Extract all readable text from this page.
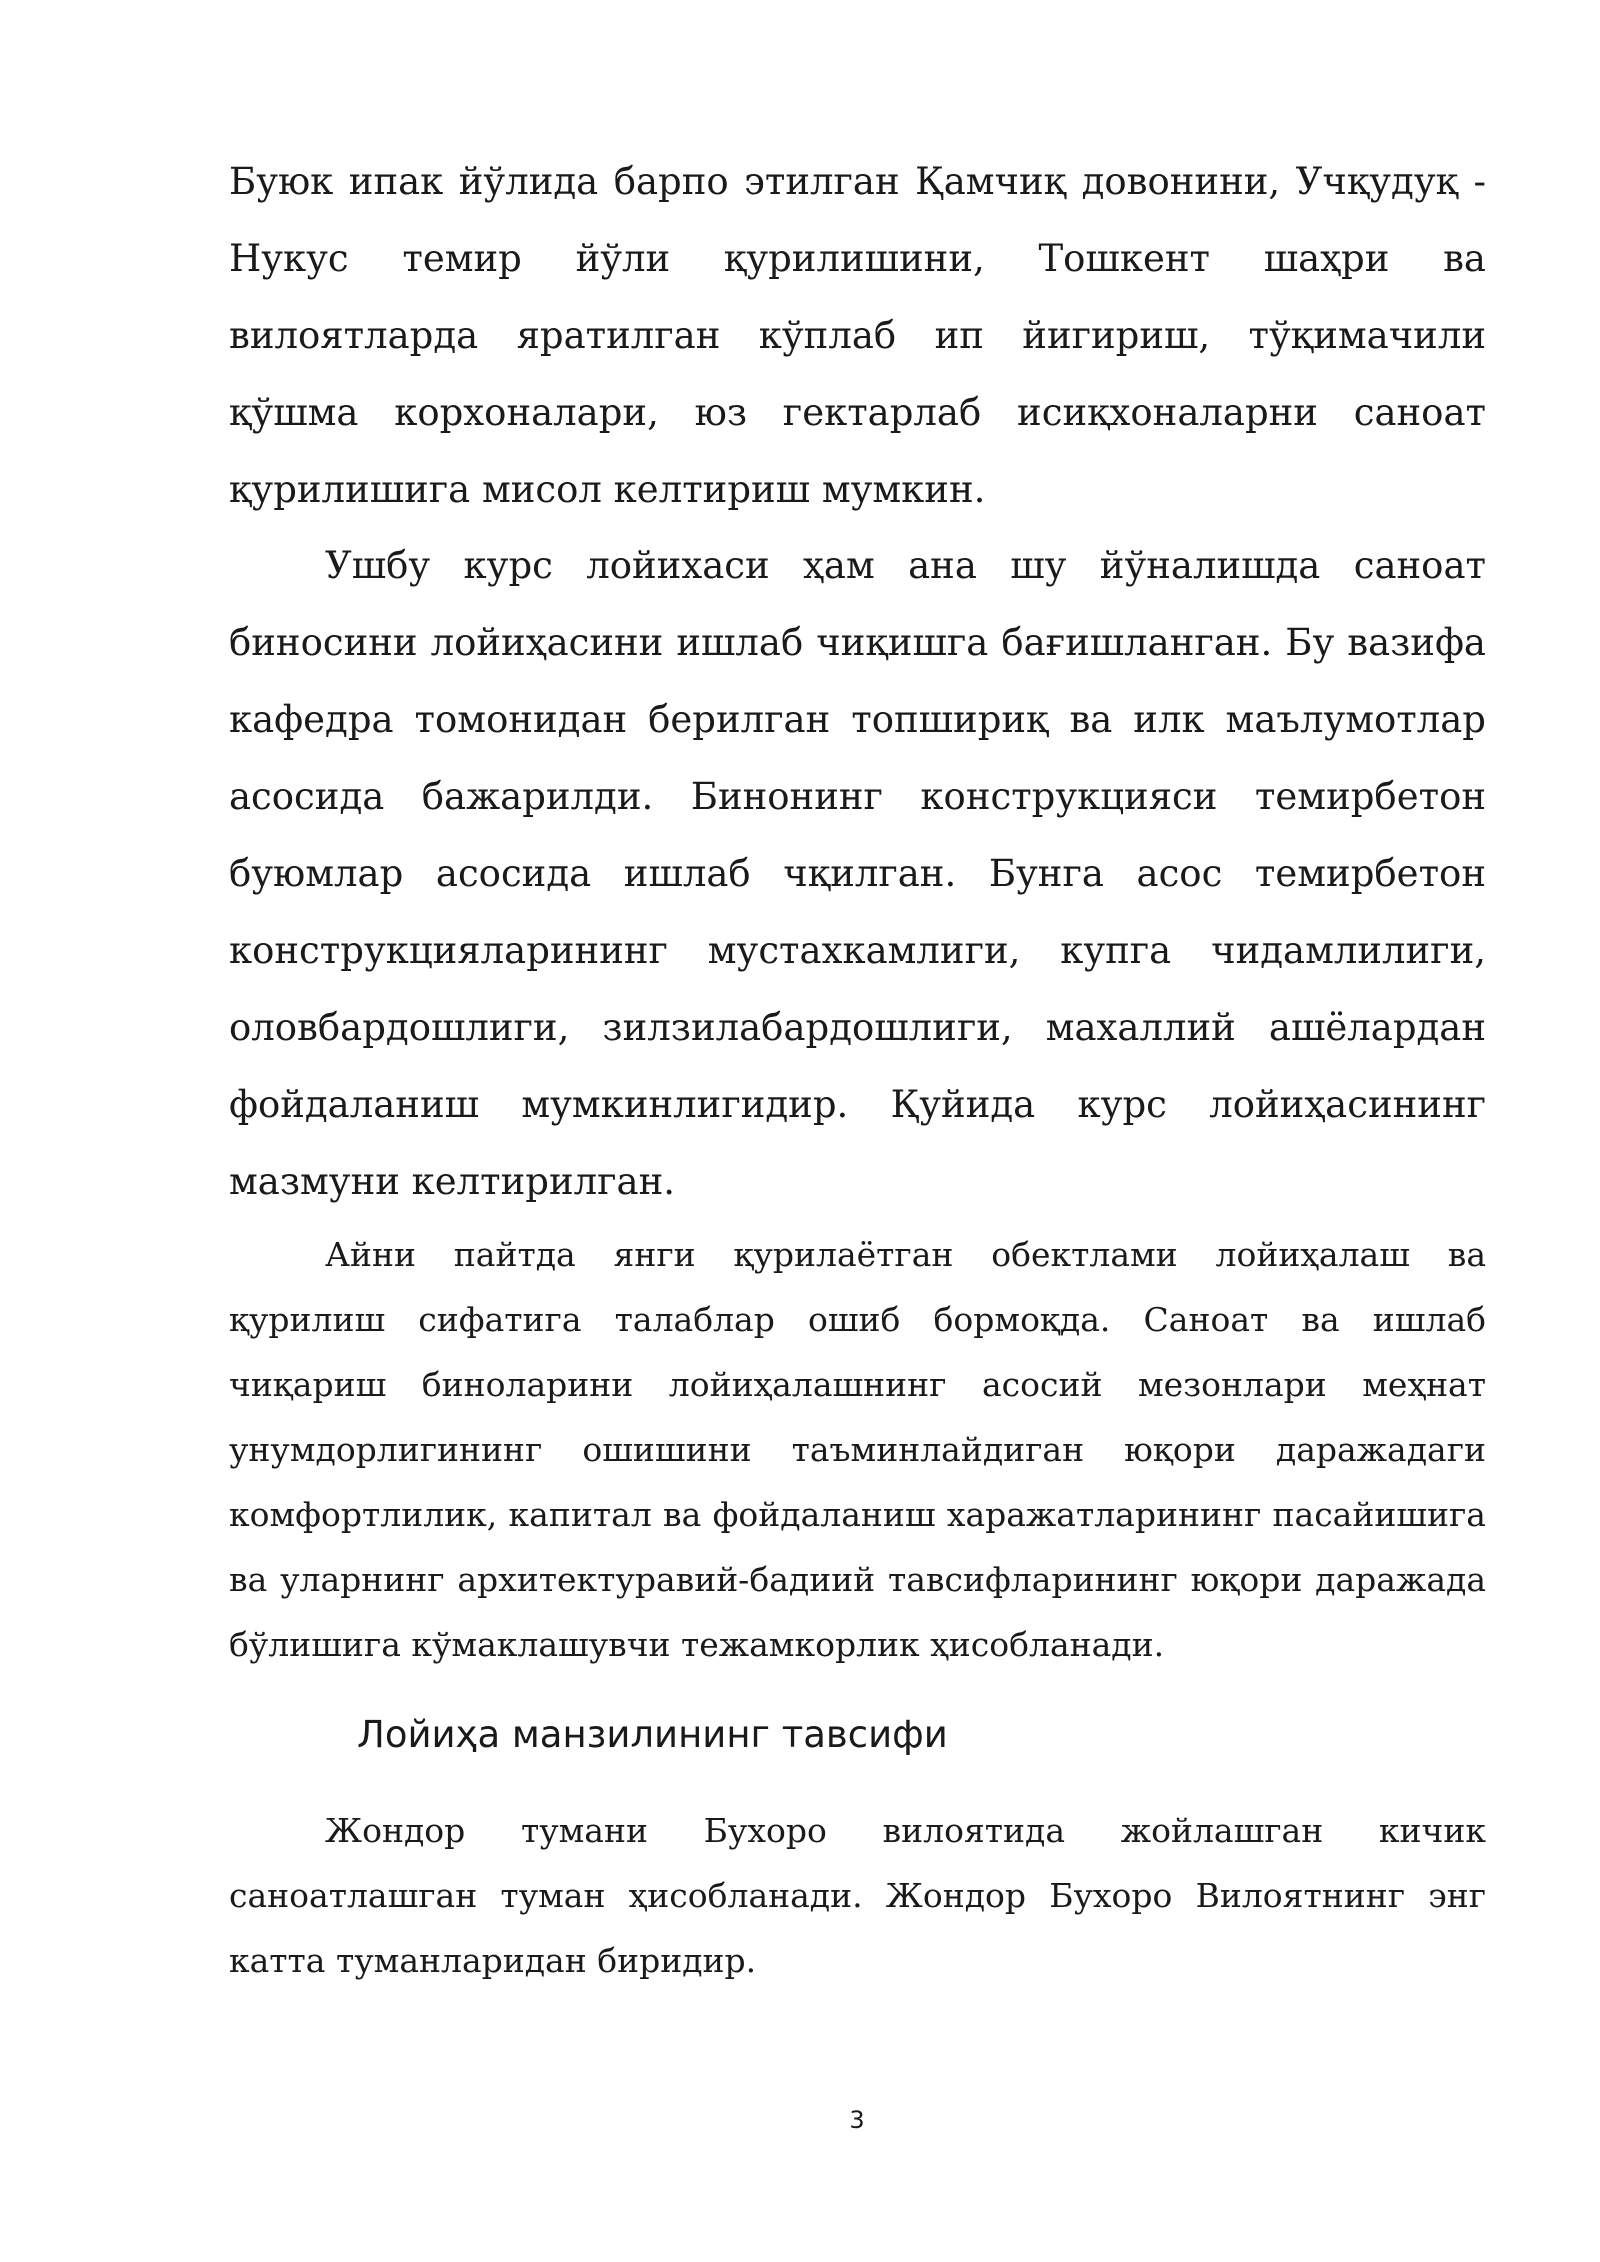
Буюк ипак йўлида барпо этилган Қамчиқ довонини, Учқудуқ - Нукус темир йўли қурилишини, Тошкент шаҳри ва вилоятларда яратилган кўплаб ип йигириш, тўқимачили қўшма корхоналари, юз гектарлаб исиқхоналарни саноат қурилишига мисол келтириш мумкин.

Ушбу курс лойихаси ҳам ана шу йўналишда саноат биносини лойиҳасини ишлаб чиқишга бағишланган. Бу вазифа кафедра томонидан берилган топшириқ ва илк маълумотлар асосида бажарилди. Бинонинг конструкцияси темирбетон буюмлар асосида ишлаб чқилган. Бунга асос темирбетон конструкцияларининг мустахкамлиги, купга чидамлилиги, оловбардошлиги, зилзилабардошлиги, махаллий ашёлардан фойдаланиш мумкинлигидир. Қуйида курс лойиҳасининг мазмуни келтирилган.

Айни пайтда янги қурилаётган обектлами лойиҳалаш ва қурилиш сифатига талаблар ошиб бормоқда. Саноат ва ишлаб чиқариш биноларини лойиҳалашнинг асосий мезонлари меҳнат унумдорлигининг ошишини таъминлайдиган юқори даражадаги комфортлилик, капитал ва фойдаланиш харажатларининг пасайишига ва уларнинг архитектуравий-бадиий тавсифларининг юқори даражада бўлишига кўмаклашувчи тежамкорлик ҳисобланади.

Лойиҳа манзилининг тавсифи

Жондор тумани Бухоро вилоятида жойлашган кичик саноатлашган туман ҳисобланади. Жондор Бухоро Вилоятнинг энг катта туманларидан биридир.

3
